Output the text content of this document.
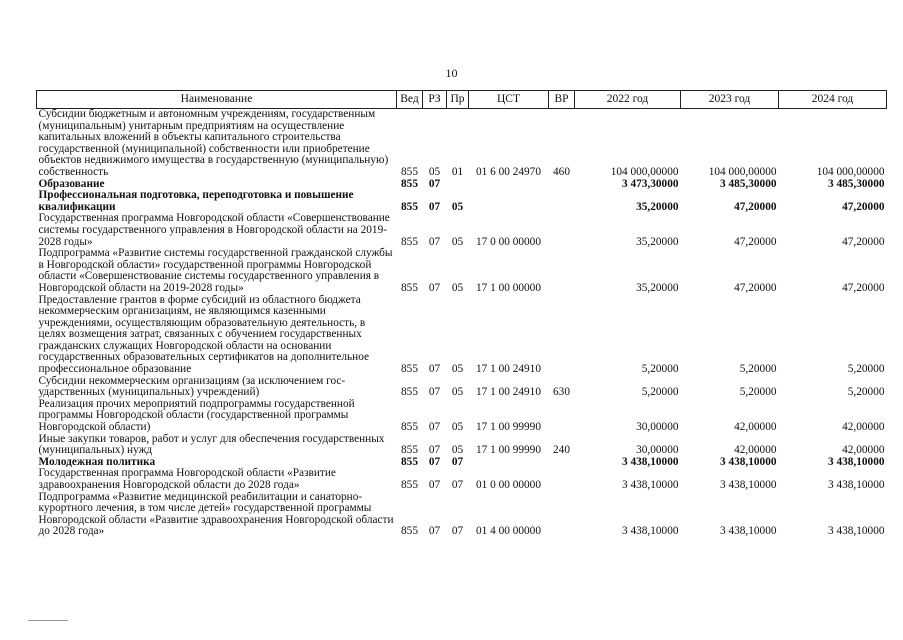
10
Наименование	Вед	РЗ	Пр	ЦСТ	ВР	2022 год	2023 год	2024 год
Субсидии бюджетным и автономным учреждениям, государственным (муниципальным) унитарным предприятиям на осуществление капитальных вложений в объекты капитального строительства государственной (муниципальной) собственности или приобретение объектов недвижимого имущества в государственную (муниципальную) собственность	855	05	01	01 6 00 24970	460	104 000,00000	104 000,00000	104 000,00000
Образование	855	07				3 473,30000	3 485,30000	3 485,30000
Профессиональная подготовка, переподготовка и повышение квалификации	855	07	05			35,20000	47,20000	47,20000
Государственная программа Новгородской области «Совершенствование системы государственного управления в Новгородской области на 2019-2028 годы»	855	07	05	17 0 00 00000		35,20000	47,20000	47,20000
Подпрограмма «Развитие системы государственной гражданской службы в Новгородской области» государственной программы Новгородской области «Совершенствование системы государственного управления в Новгородской области на 2019-2028 годы»	855	07	05	17 1 00 00000		35,20000	47,20000	47,20000
Предоставление грантов в форме субсидий из областного бюджета некоммерческим организациям, не являющимся казенными учреждениями, осуществляющим образовательную деятельность, в целях возмещения затрат, связанных с обучением государственных гражданских служащих Новгородской области на основании государственных образовательных сертификатов на дополнительное профессиональное образование	855	07	05	17 1 00 24910		5,20000	5,20000	5,20000
Субсидии некоммерческим организациям (за исключением государственных (муниципальных) учреждений)	855	07	05	17 1 00 24910	630	5,20000	5,20000	5,20000
Реализация прочих мероприятий подпрограммы государственной программы Новгородской области (государственной программы Новгородской области)	855	07	05	17 1 00 99990		30,00000	42,00000	42,00000
Иные закупки товаров, работ и услуг для обеспечения государственных (муниципальных) нужд	855	07	05	17 1 00 99990	240	30,00000	42,00000	42,00000
Молодежная политика	855	07	07			3 438,10000	3 438,10000	3 438,10000
Государственная программа Новгородской области «Развитие здравоохранения Новгородской области до 2028 года»	855	07	07	01 0 00 00000		3 438,10000	3 438,10000	3 438,10000
Подпрограмма «Развитие медицинской реабилитации и санаторно-курортного лечения, в том числе детей» государственной программы Новгородской области «Развитие здравоохранения Новгородской области до 2028 года»	855	07	07	01 4 00 00000		3 438,10000	3 438,10000	3 438,10000
